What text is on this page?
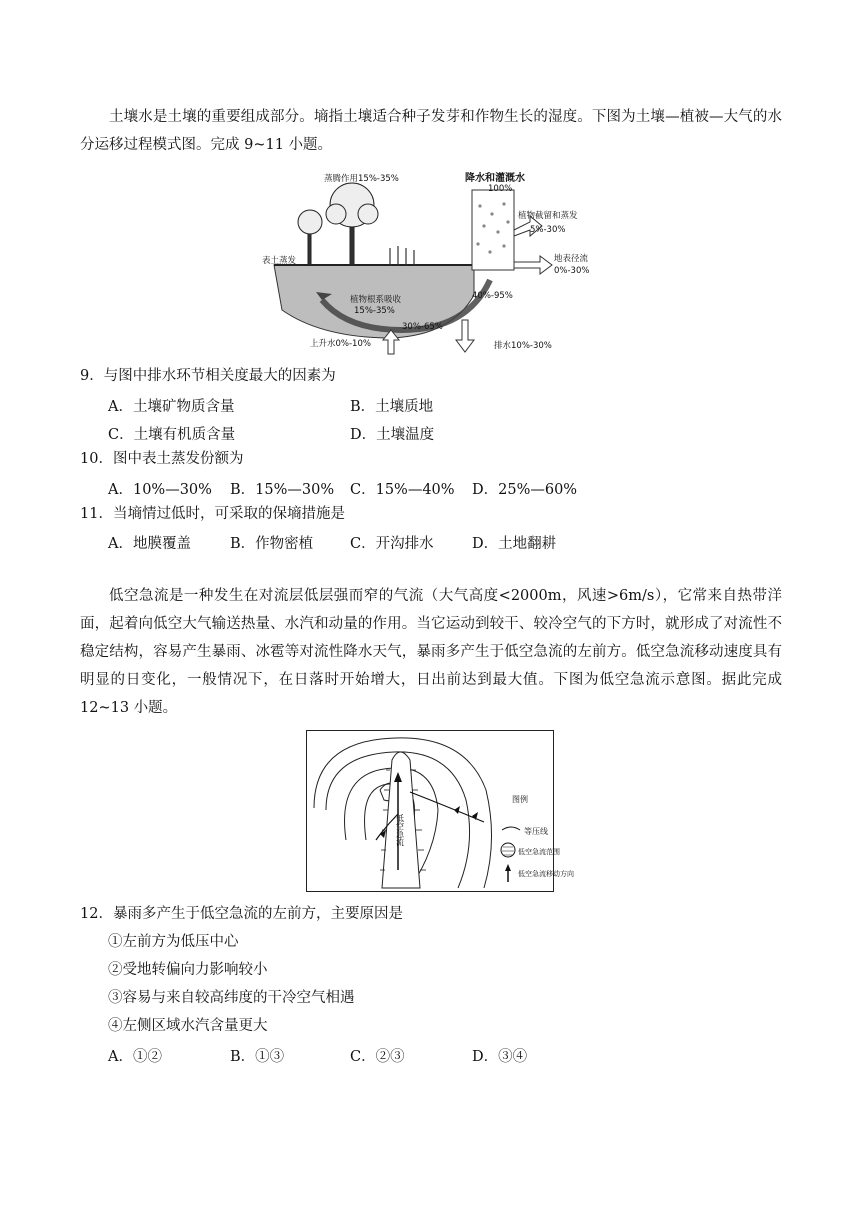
土壤水是土壤的重要组成部分。墒指土壤适合种子发芽和作物生长的湿度。下图为土壤—植被—大气的水分运移过程模式图。完成 9~11 小题。
蒸腾作用15%-35%	降水和灌溉水
100%
植物截留和蒸发
5%-30%
表土蒸发	地表径流
0%-30%
植物根系吸收
15%-35%
40%-95%
30%-65%
上升水0%-10%	排水10%-30%
9．与图中排水环节相关度最大的因素为
A．土壤矿物质含量	B．土壤质地
C．土壤有机质含量	D．土壤温度
10．图中表土蒸发份额为
A．10%—30% B．15%—30% C．15%—40% D．25%—60%
11．当墒情过低时，可采取的保墒措施是
A．地膜覆盖	B．作物密植	C．开沟排水	D．土地翻耕
低空急流是一种发生在对流层低层强而窄的气流（大气高度<2000m，风速>6m/s），它常来自热带洋面，起着向低空大气输送热量、水汽和动量的作用。当它运动到较干、较冷空气的下方时，就形成了对流性不稳定结构，容易产生暴雨、冰雹等对流性降水天气，暴雨多产生于低空急流的左前方。低空急流移动速度具有明显的日变化，一般情况下，在日落时开始增大，日出前达到最大值。下图为低空急流示意图。据此完成 12~13 小题。
低空急流
图例
等压线
低空急流范围
低空急流移动方向
12．暴雨多产生于低空急流的左前方，主要原因是
①左前方为低压中心
②受地转偏向力影响较小
③容易与来自较高纬度的干冷空气相遇
④左侧区域水汽含量更大
A．①②	B．①③	C．②③	D．③④
